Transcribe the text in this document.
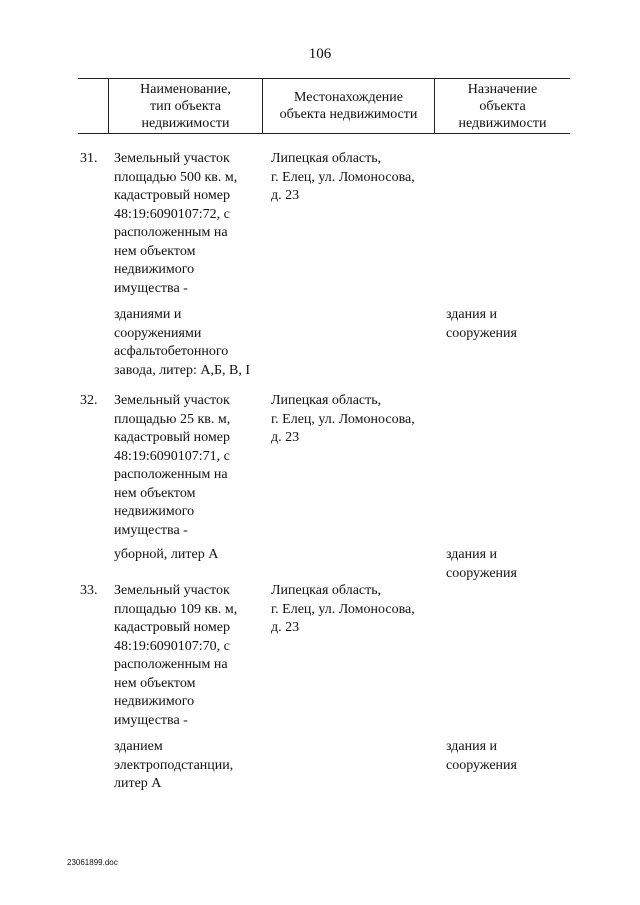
106
Наименование,
тип объекта
недвижимости
Местонахождение
объекта недвижимости
Назначение
объекта
недвижимости
31. Земельный участок
площадью 500 кв. м,
кадастровый номер
48:19:6090107:72, с
расположенным на
нем объектом
недвижимого
имущества -
Липецкая область,
г. Елец, ул. Ломоносова,
д. 23
зданиями и
сооружениями
асфальтобетонного
завода, литер: А,Б, В, I
здания и
сооружения
32. Земельный участок
площадью 25 кв. м,
кадастровый номер
48:19:6090107:71, с
расположенным на
нем объектом
недвижимого
имущества -
Липецкая область,
г. Елец, ул. Ломоносова,
д. 23
уборной, литер А	здания и
сооружения
33. Земельный участок
площадью 109 кв. м,
кадастровый номер
48:19:6090107:70, с
расположенным на
нем объектом
недвижимого
имущества -
Липецкая область,
г. Елец, ул. Ломоносова,
д. 23
зданием
электроподстанции,
литер А
здания и
сооружения
23061899.doc
